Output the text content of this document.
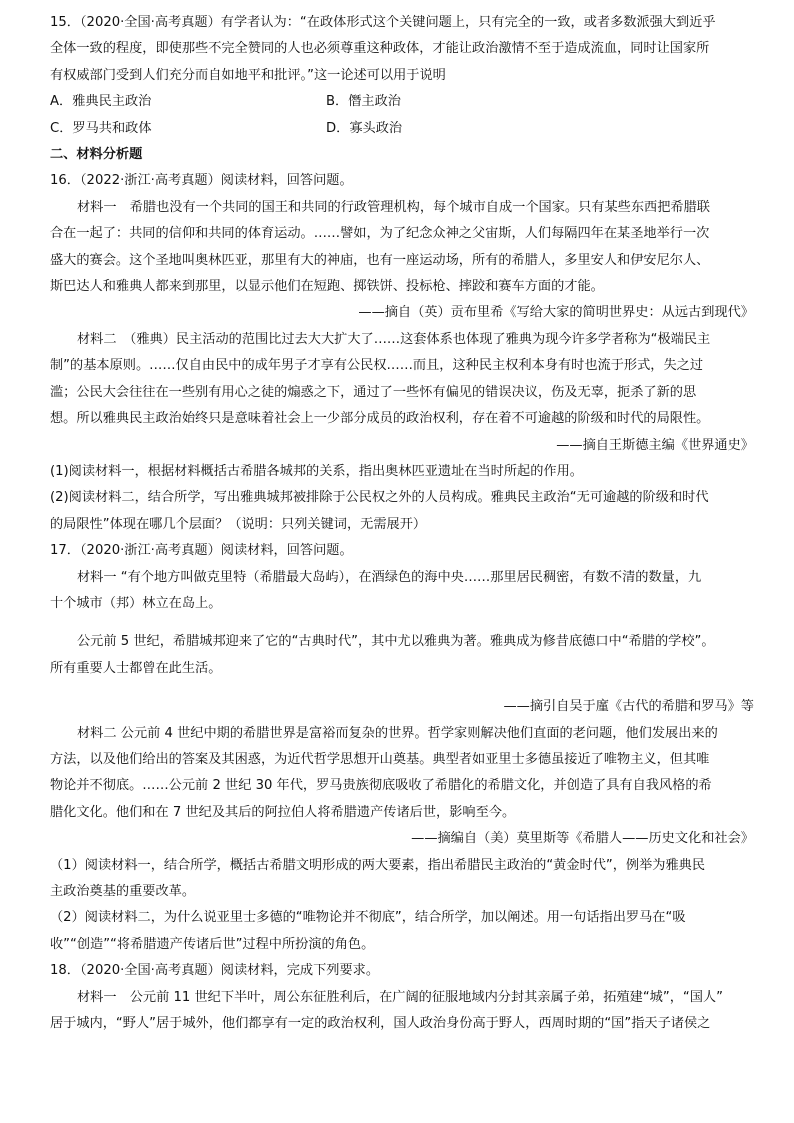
15．（2020·全国·高考真题）有学者认为：“在政体形式这个关键问题上，只有完全的一致，或者多数派强大到近乎
全体一致的程度，即使那些不完全赞同的人也必须尊重这种政体，才能让政治激情不至于造成流血，同时让国家所
有权威部门受到人们充分而自如地平和批评。”这一论述可以用于说明
A．雅典民主政治	B．僭主政治
C．罗马共和政体	D．寡头政治
二、材料分析题
16．（2022·浙江·高考真题）阅读材料，回答问题。
材料一　希腊也没有一个共同的国王和共同的行政管理机构，每个城市自成一个国家。只有某些东西把希腊联
合在一起了：共同的信仰和共同的体育运动。……譬如，为了纪念众神之父宙斯，人们每隔四年在某圣地举行一次
盛大的赛会。这个圣地叫奥林匹亚，那里有大的神庙，也有一座运动场，所有的希腊人，多里安人和伊安尼尔人、
斯巴达人和雅典人都来到那里，以显示他们在短跑、掷铁饼、投标枪、摔跤和赛车方面的才能。
——摘自（英）贡布里希《写给大家的简明世界史：从远古到现代》
材料二　（雅典）民主活动的范围比过去大大扩大了……这套体系也体现了雅典为现今许多学者称为“极端民主
制”的基本原则。……仅自由民中的成年男子才享有公民权……而且，这种民主权利本身有时也流于形式，失之过
滥；公民大会往往在一些别有用心之徒的煽惑之下，通过了一些怀有偏见的错误决议，伤及无辜，扼杀了新的思
想。所以雅典民主政治始终只是意味着社会上一少部分成员的政治权利，存在着不可逾越的阶级和时代的局限性。
——摘自王斯德主编《世界通史》
(1)阅读材料一，根据材料概括古希腊各城邦的关系，指出奥林匹亚遗址在当时所起的作用。
(2)阅读材料二，结合所学，写出雅典城邦被排除于公民权之外的人员构成。雅典民主政治“无可逾越的阶级和时代
的局限性”体现在哪几个层面？（说明：只列关键词，无需展开）
17．（2020·浙江·高考真题）阅读材料，回答问题。
材料一 “有个地方叫做克里特（希腊最大岛屿），在酒绿色的海中央……那里居民稠密，有数不清的数量，九
十个城市（邦）林立在岛上。
公元前 5 世纪，希腊城邦迎来了它的“古典时代”，其中尤以雅典为著。雅典成为修昔底德口中“希腊的学校”。
所有重要人士都曾在此生活。
——摘引自吴于廑《古代的希腊和罗马》等
材料二 公元前 4 世纪中期的希腊世界是富裕而复杂的世界。哲学家则解决他们直面的老问题，他们发展出来的
方法，以及他们给出的答案及其困惑，为近代哲学思想开山奠基。典型者如亚里士多德虽接近了唯物主义，但其唯
物论并不彻底。……公元前 2 世纪 30 年代，罗马贵族彻底吸收了希腊化的希腊文化，并创造了具有自我风格的希
腊化文化。他们和在 7 世纪及其后的阿拉伯人将希腊遗产传诸后世，影响至今。
——摘编自（美）莫里斯等《希腊人——历史文化和社会》
（1）阅读材料一，结合所学，概括古希腊文明形成的两大要素，指出希腊民主政治的“黄金时代”，例举为雅典民
主政治奠基的重要改革。
（2）阅读材料二，为什么说亚里士多德的“唯物论并不彻底”，结合所学，加以阐述。用一句话指出罗马在“吸
收”“创造”“将希腊遗产传诸后世”过程中所扮演的角色。
18．（2020·全国·高考真题）阅读材料，完成下列要求。
材料一　公元前 11 世纪下半叶，周公东征胜利后，在广阔的征服地域内分封其亲属子弟，拓殖建“城”，“国人”
居于城内，“野人”居于城外，他们都享有一定的政治权利，国人政治身份高于野人，西周时期的“国”指天子诸侯之
